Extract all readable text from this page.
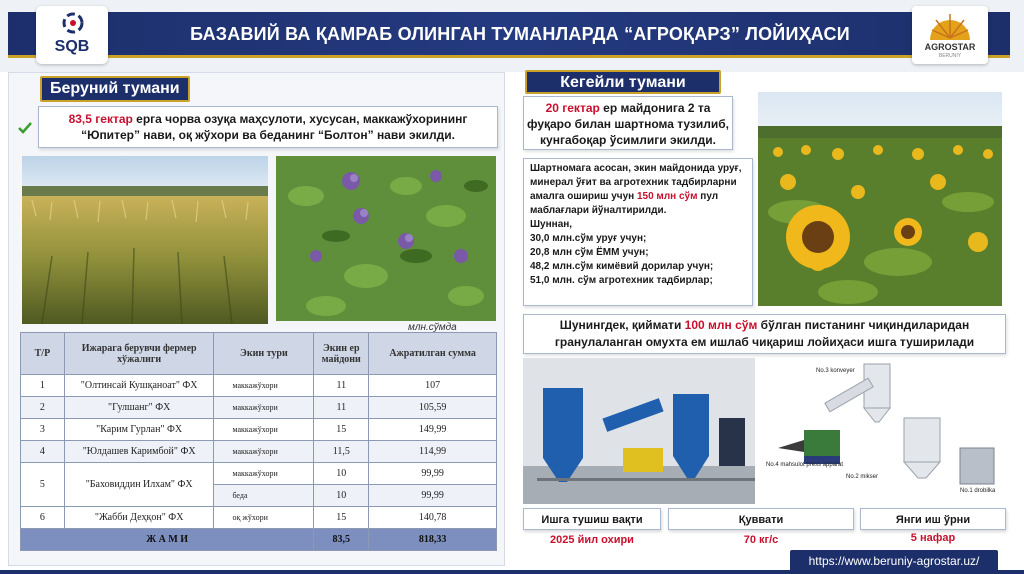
БАЗАВИЙ ВА ҚАМРАБ ОЛИНГАН ТУМАНЛАРДА “АГРОҚАРЗ” ЛОЙИҲАСИ
SQB	AGROSTAR
BERUNIY
Беруний тумани
83,5 гектар ерга чорва озуқа маҳсулоти, хусусан, маккажўхорининг “Юпитер” нави, оқ жўхори ва беданинг “Болтон” нави экилди.
млн.сўмда
Т/Р	Ижарага берувчи фермер хўжалиги	Экин тури	Экин ер майдони	Ажратилган сумма
1	"Олтинсай Кушқаноат" ФХ	маккажўхори	11	107
2	"Гулшанг" ФХ	маккажўхори	11	105,59
3	"Карим Гурлан" ФХ	маккажўхори	15	149,99
4	"Юлдашев Каримбой" ФХ	маккажўхори	11,5	114,99
5	"Баховиддин Илхам" ФХ	маккажўхори	10	99,99
		беда	10	99,99
6	"Жабби Деҳқон" ФХ	оқ жўхори	15	140,78
Ж А М И			83,5	818,33
Кегейли тумани
20 гектар ер майдонига 2 та фуқаро билан шартнома тузилиб, кунгабоқар ўсимлиги экилди.
Шартномага асосан, экин майдонида уруғ, минерал ўғит ва агротехник тадбирларни амалга ошириш учун 150 млн сўм пул маблағлари йўналтирилди.
Шуннан,
30,0 млн.сўм уруғ учун;
20,8 млн сўм ЁММ учун;
48,2 млн.сўм кимёвий дорилар учун;
51,0 млн. сўм агротехник тадбирлар;
Шунингдек, қиймати 100 млн сўм бўлган пистанинг чиқиндиларидан гранулаланган омухта ем ишлаб чиқариш лойиҳаси ишга туширилади
No.3 konveyer
No.4 mahsulot press apparat
No.2 mikser
No.1 drobilka
Ишга тушиш вақти	Қуввати	Янги иш ўрни
2025 йил охири	70 кг/с	5 нафар
https://www.beruniy-agrostar.uz/
